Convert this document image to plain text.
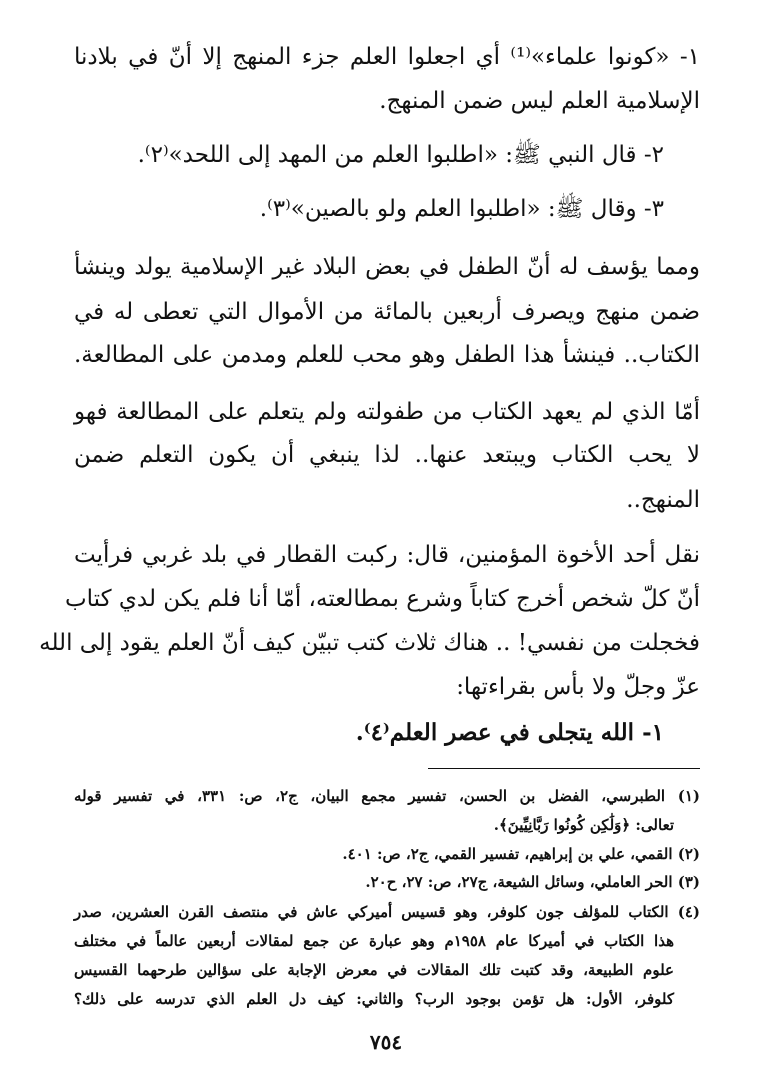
١- «كونوا علماء»⁽¹⁾ أي اجعلوا العلم جزء المنهج إلا أنّ في بلادنا
الإسلامية العلم ليس ضمن المنهج.
٢- قال النبي ﷺ: «اطلبوا العلم من المهد إلى اللحد»⁽٢⁾.
٣- وقال ﷺ: «اطلبوا العلم ولو بالصين»⁽٣⁾.
ومما يؤسف له أنّ الطفل في بعض البلاد غير الإسلامية يولد وينشأ
ضمن منهج ويصرف أربعين بالمائة من الأموال التي تعطى له في
الكتاب.. فينشأ هذا الطفل وهو محب للعلم ومدمن على المطالعة.
أمّا الذي لم يعهد الكتاب من طفولته ولم يتعلم على المطالعة فهو
لا يحب الكتاب ويبتعد عنها.. لذا ينبغي أن يكون التعلم ضمن
المنهج..
نقل أحد الأخوة المؤمنين، قال: ركبت القطار في بلد غربي فرأيت
أنّ كلّ شخص أخرج كتاباً وشرع بمطالعته، أمّا أنا فلم يكن لدي كتاب
فخجلت من نفسي! .. هناك ثلاث كتب تبيّن كيف أنّ العلم يقود إلى الله
عزّ وجلّ ولا بأس بقراءتها:
١- الله يتجلى في عصر العلم⁽٤⁾.
(١) الطبرسي، الفضل بن الحسن، تفسير مجمع البيان، ج٢، ص: ٣٣١، في تفسير قوله
تعالى: ﴿وَلَٰكِن كُونُوا رَبَّانِيِّينَ﴾.
(٢) القمي، علي بن إبراهيم، تفسير القمي، ج٢، ص: ٤٠١.
(٣) الحر العاملي، وسائل الشيعة، ج٢٧، ص: ٢٧، ح٢٠.
(٤) الكتاب للمؤلف جون كلوفر، وهو قسيس أميركي عاش في منتصف القرن العشرين، صدر
هذا الكتاب في أميركا عام ١٩٥٨م وهو عبارة عن جمع لمقالات أربعين عالماً في مختلف
علوم الطبيعة، وقد كتبت تلك المقالات في معرض الإجابة على سؤالين طرحهما القسيس
كلوفر، الأول: هل تؤمن بوجود الرب؟ والثاني: كيف دل العلم الذي تدرسه على ذلك؟
٧٥٤
